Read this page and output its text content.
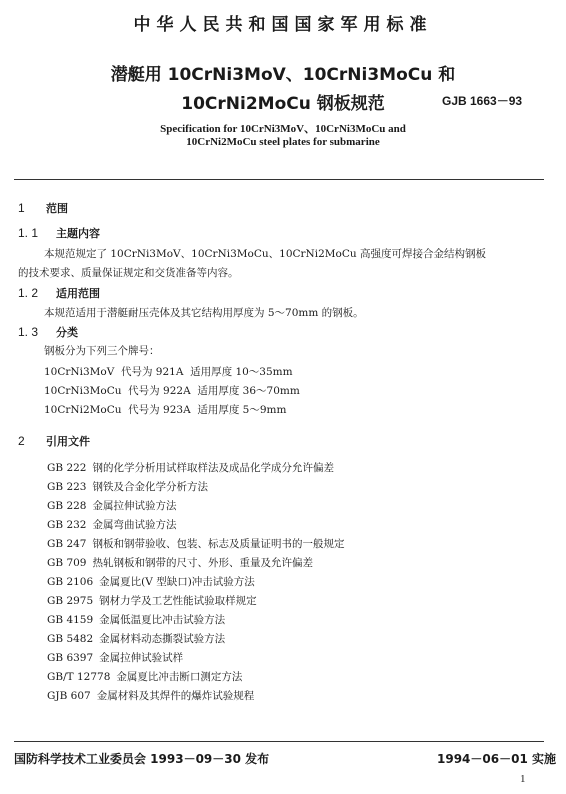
中华人民共和国国家军用标准
潜艇用 10CrNi3MoV、10CrNi3MoCu 和
10CrNi2MoCu 钢板规范	GJB 1663－93
Specification for 10CrNi3MoV、10CrNi3MoCu and
10CrNi2MoCu steel plates for submarine
1 范围
1. 1 主题内容
本规范规定了 10CrNi3MoV、10CrNi3MoCu、10CrNi2MoCu 高强度可焊接合金结构钢板
的技术要求、质量保证规定和交货准备等内容。
1. 2 适用范围
本规范适用于潜艇耐压壳体及其它结构用厚度为 5～70mm 的钢板。
1. 3 分类
钢板分为下列三个牌号：
10CrNi3MoV  代号为 921A  适用厚度 10～35mm
10CrNi3MoCu  代号为 922A  适用厚度 36～70mm
10CrNi2MoCu  代号为 923A  适用厚度 5～9mm
2 引用文件
GB 222 钢的化学分析用试样取样法及成品化学成分允许偏差
GB 223 钢铁及合金化学分析方法
GB 228 金属拉伸试验方法
GB 232 金属弯曲试验方法
GB 247 钢板和钢带验收、包装、标志及质量证明书的一般规定
GB 709 热轧钢板和钢带的尺寸、外形、重量及允许偏差
GB 2106 金属夏比(V 型缺口)冲击试验方法
GB 2975 钢材力学及工艺性能试验取样规定
GB 4159 金属低温夏比冲击试验方法
GB 5482 金属材料动态撕裂试验方法
GB 6397 金属拉伸试验试样
GB/T 12778 金属夏比冲击断口测定方法
GJB 607 金属材料及其焊件的爆炸试验规程
国防科学技术工业委员会 1993－09－30 发布	1994－06－01 实施
1
